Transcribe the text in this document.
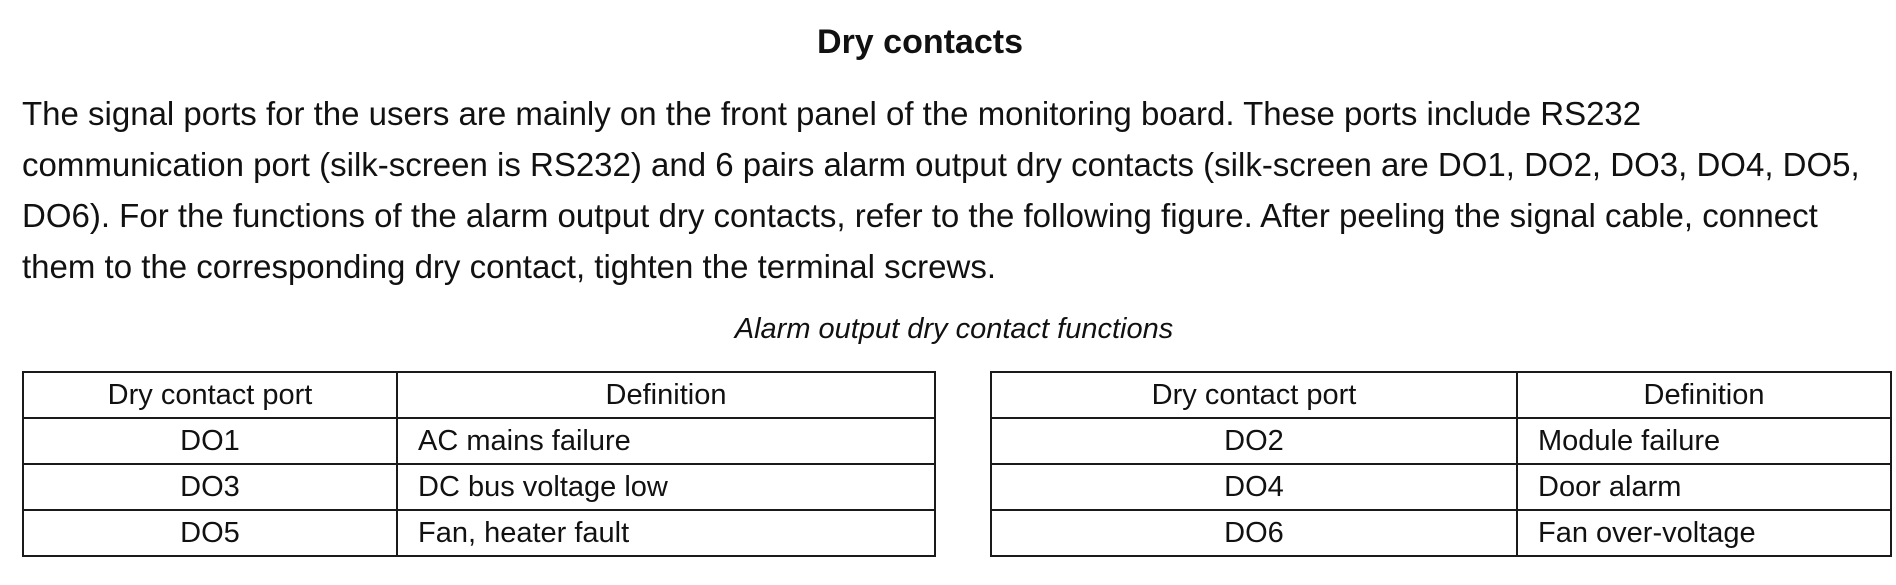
Dry contacts
The signal ports for the users are mainly on the front panel of the monitoring board. These ports include RS232 communication port (silk-screen is RS232) and 6 pairs alarm output dry contacts (silk-screen are DO1, DO2, DO3, DO4, DO5, DO6). For the functions of the alarm output dry contacts, refer to the following figure. After peeling the signal cable, connect them to the corresponding dry contact, tighten the terminal screws.
Alarm output dry contact functions
Dry contact port	Definition
DO1	AC mains failure
DO3	DC bus voltage low
DO5	Fan, heater fault
Dry contact port	Definition
DO2	Module failure
DO4	Door alarm
DO6	Fan over-voltage
